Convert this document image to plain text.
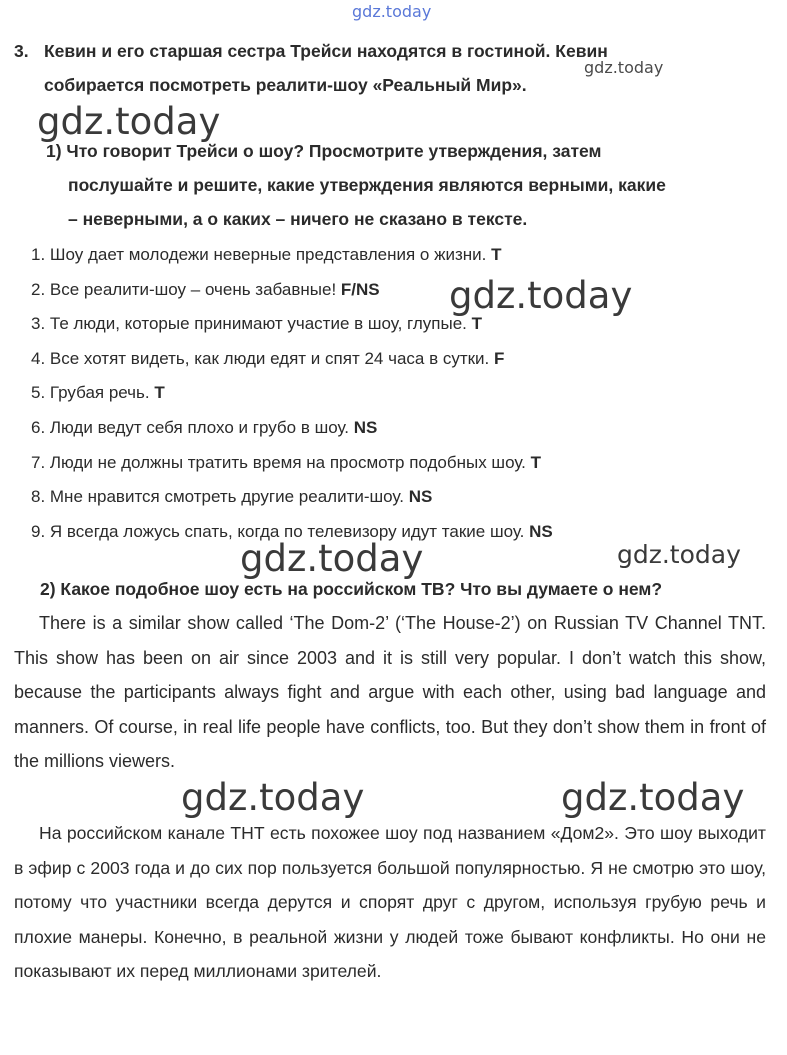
gdz.today
gdz.today
gdz.today
gdz.today
gdz.today	gdz.today
gdz.today	gdz.today
3. Кевин и его старшая сестра Трейси находятся в гостиной. Кевин
собирается посмотреть реалити-шоу «Реальный Мир».
1) Что говорит Трейси о шоу? Просмотрите утверждения, затем
послушайте и решите, какие утверждения являются верными, какие
– неверными, а о каких – ничего не сказано в тексте.
1. Шоу дает молодежи неверные представления о жизни. T
2. Все реалити-шоу – очень забавные! F/NS
3. Те люди, которые принимают участие в шоу, глупые. T
4. Все хотят видеть, как люди едят и спят 24 часа в сутки. F
5. Грубая речь. T
6. Люди ведут себя плохо и грубо в шоу. NS
7. Люди не должны тратить время на просмотр подобных шоу. T
8. Мне нравится смотреть другие реалити-шоу. NS
9. Я всегда ложусь спать, когда по телевизору идут такие шоу. NS
2) Какое подобное шоу есть на российском ТВ? Что вы думаете о нем?

There is a similar show called ‘The Dom-2’ (‘The House-2’) on Russian TV Channel TNT. This show has been on air since 2003 and it is still very popular. I don’t watch this show, because the participants always fight and argue with each other, using bad language and manners. Of course, in real life people have conflicts, too. But they don’t show them in front of the millions viewers.

На российском канале ТНТ есть похожее шоу под названием «Дом2». Это шоу выходит в эфир с 2003 года и до сих пор пользуется большой популярностью. Я не смотрю это шоу, потому что участники всегда дерутся и спорят друг с другом, используя грубую речь и плохие манеры. Конечно, в реальной жизни у людей тоже бывают конфликты. Но они не показывают их перед миллионами зрителей.
